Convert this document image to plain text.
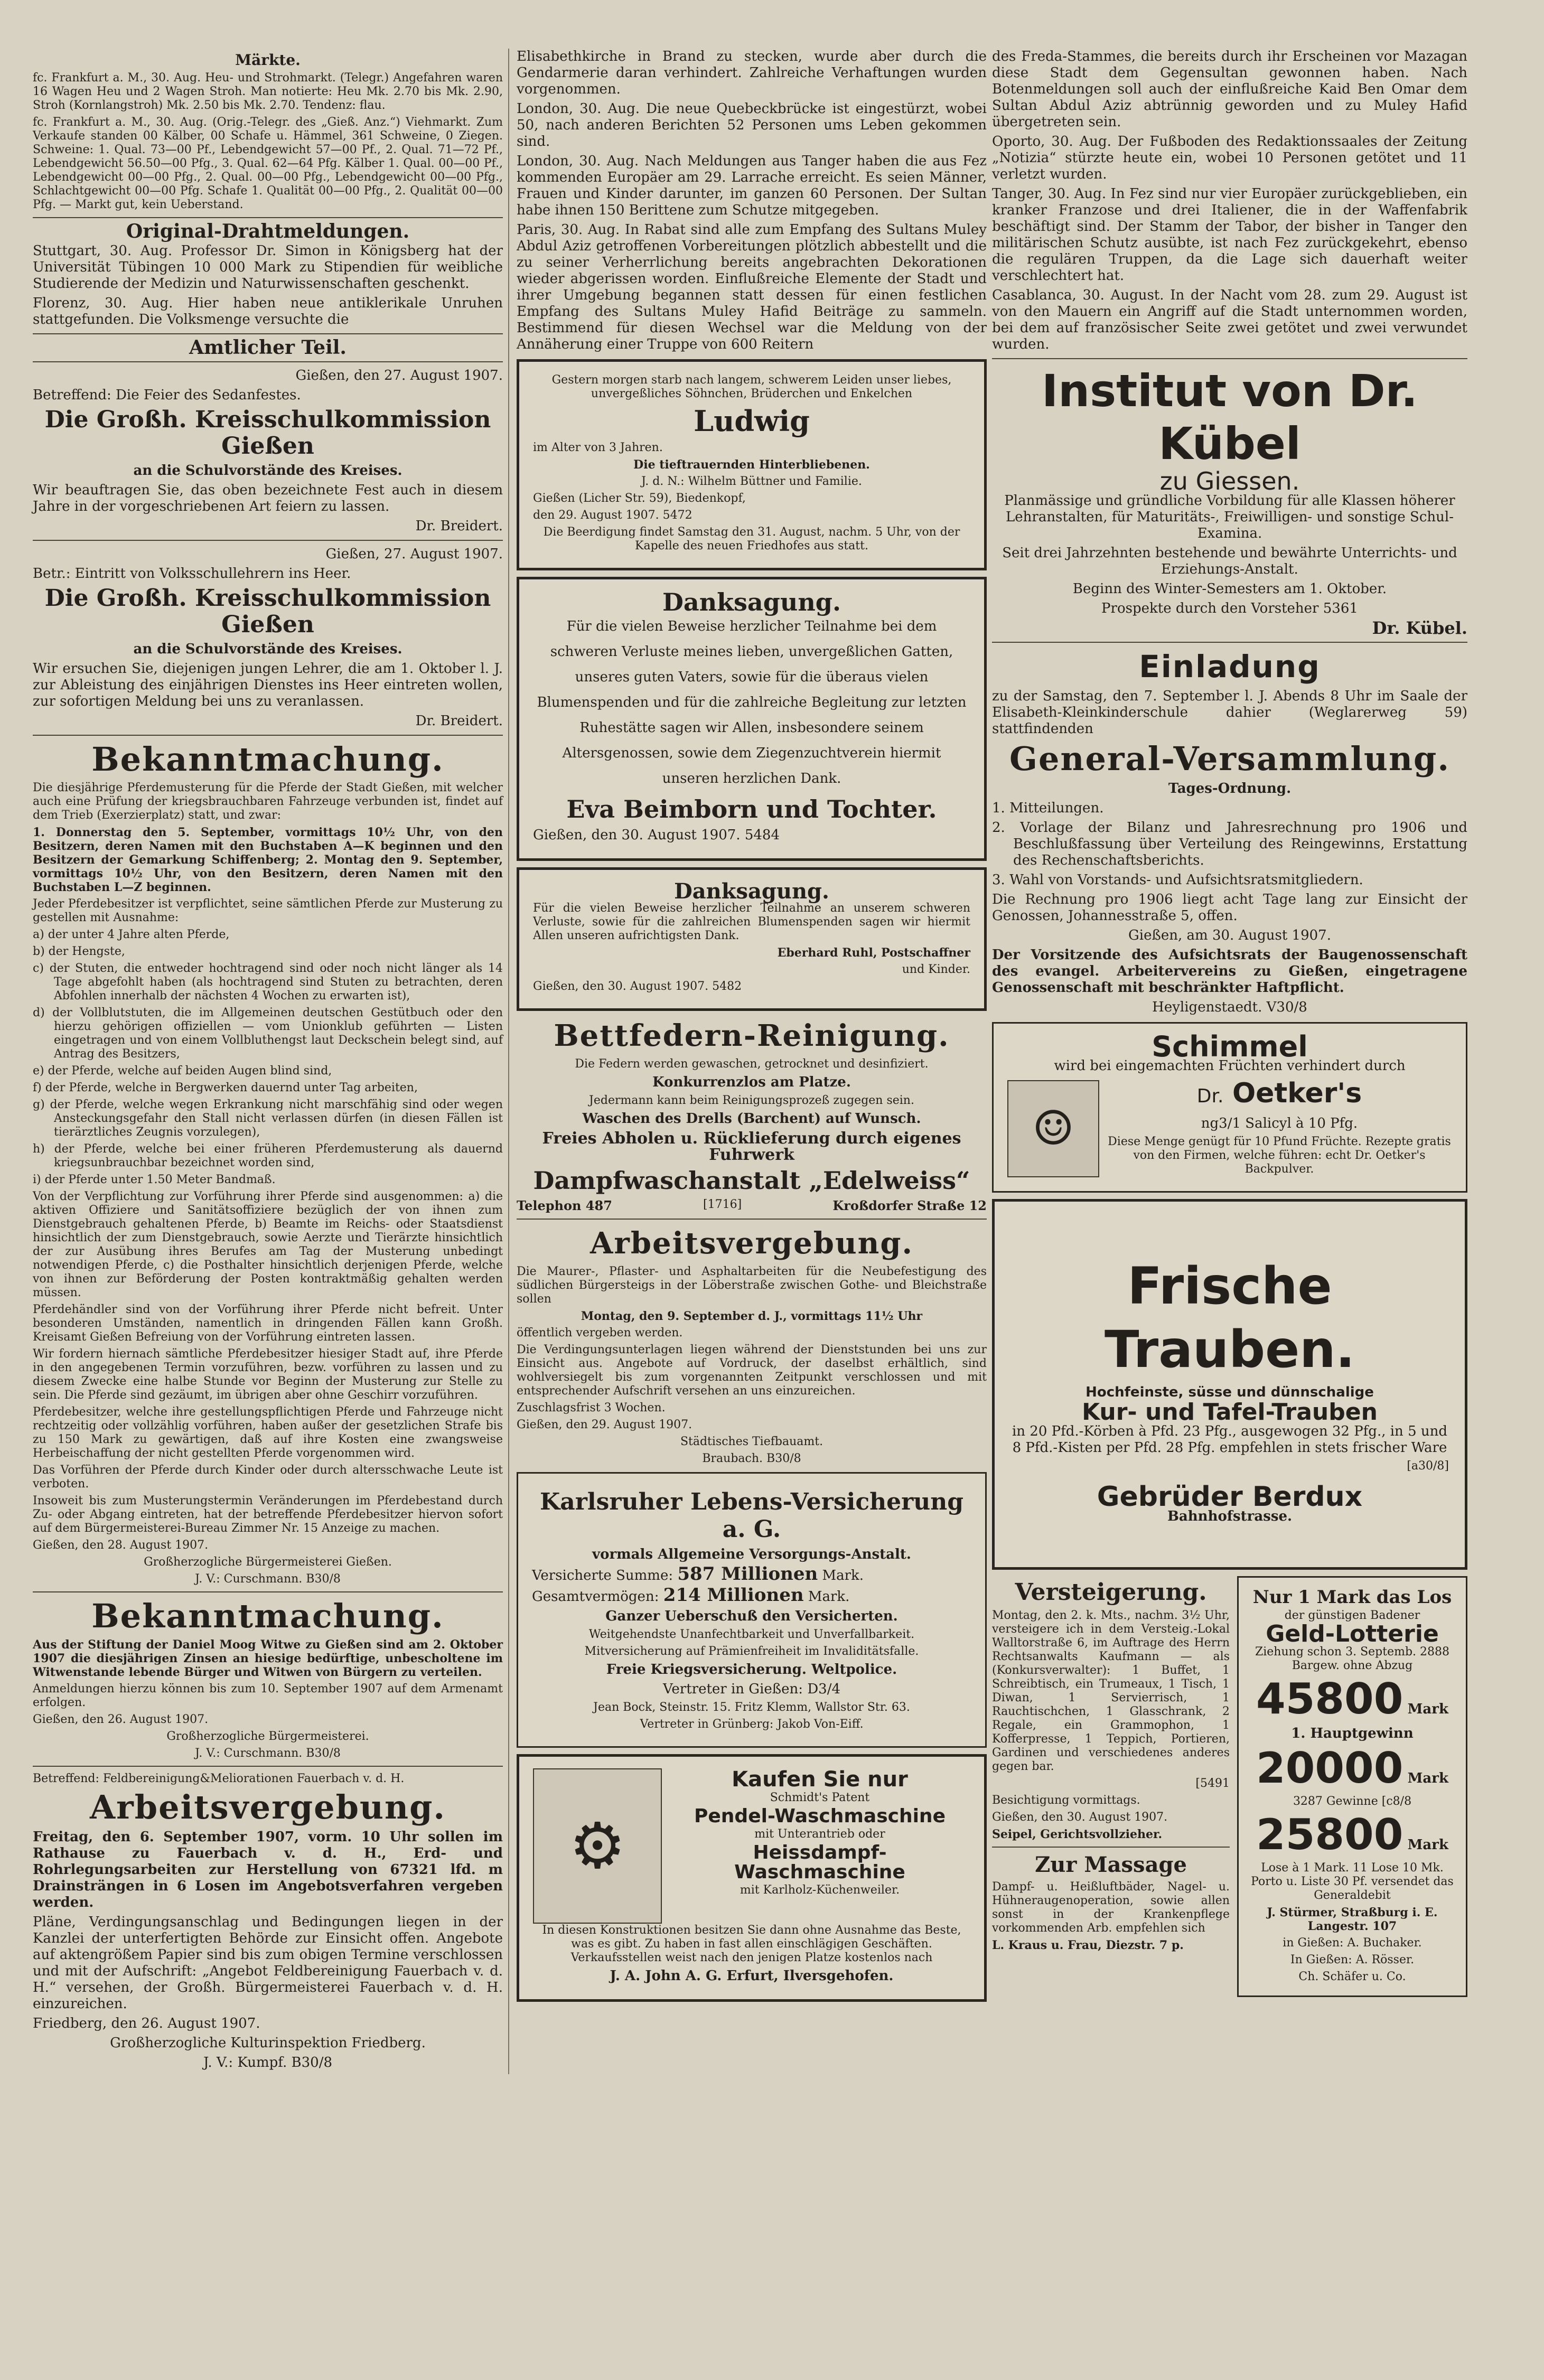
Märkte.

fc. Frankfurt a. M., 30. Aug. Heu- und Strohmarkt. (Telegr.) Angefahren waren 16 Wagen Heu und 2 Wagen Stroh. Man notierte: Heu Mk. 2.70 bis Mk. 2.90, Stroh (Kornlangstroh) Mk. 2.50 bis Mk. 2.70. Tendenz: flau.

fc. Frankfurt a. M., 30. Aug. (Orig.-Telegr. des „Gieß. Anz.“) Viehmarkt. Zum Verkaufe standen 00 Kälber, 00 Schafe u. Hämmel, 361 Schweine, 0 Ziegen. Schweine: 1. Qual. 73—00 Pf., Lebendgewicht 57—00 Pf., 2. Qual. 71—72 Pf., Lebendgewicht 56.50—00 Pfg., 3. Qual. 62—64 Pfg. Kälber 1. Qual. 00—00 Pf., Lebendgewicht 00—00 Pfg., 2. Qual. 00—00 Pfg., Lebendgewicht 00—00 Pfg., Schlachtgewicht 00—00 Pfg. Schafe 1. Qualität 00—00 Pfg., 2. Qualität 00—00 Pfg. — Markt gut, kein Ueberstand.

Original-Drahtmeldungen.

Stuttgart, 30. Aug. Professor Dr. Simon in Königsberg hat der Universität Tübingen 10 000 Mark zu Stipendien für weibliche Studierende der Medizin und Naturwissenschaften geschenkt.

Florenz, 30. Aug. Hier haben neue antiklerikale Unruhen stattgefunden. Die Volksmenge versuchte die

Amtlicher Teil.

Gießen, den 27. August 1907.

Betreffend: Die Feier des Sedanfestes.

Die Großh. Kreisschulkommission Gießen

an die Schulvorstände des Kreises.

Wir beauftragen Sie, das oben bezeichnete Fest auch in diesem Jahre in der vorgeschriebenen Art feiern zu lassen.

Dr. Breidert.

Gießen, 27. August 1907.

Betr.: Eintritt von Volksschullehrern ins Heer.

Die Großh. Kreisschulkommission Gießen

an die Schulvorstände des Kreises.

Wir ersuchen Sie, diejenigen jungen Lehrer, die am 1. Oktober l. J. zur Ableistung des einjährigen Dienstes ins Heer eintreten wollen, zur sofortigen Meldung bei uns zu veranlassen.

Dr. Breidert.

Bekanntmachung.

Die diesjährige Pferdemusterung für die Pferde der Stadt Gießen, mit welcher auch eine Prüfung der kriegsbrauchbaren Fahrzeuge verbunden ist, findet auf dem Trieb (Exerzierplatz) statt, und zwar:

1. Donnerstag den 5. September, vormittags 10½ Uhr, von den Besitzern, deren Namen mit den Buchstaben A—K beginnen und den Besitzern der Gemarkung Schiffenberg; 2. Montag den 9. September, vormittags 10½ Uhr, von den Besitzern, deren Namen mit den Buchstaben L—Z beginnen.

Jeder Pferdebesitzer ist verpflichtet, seine sämtlichen Pferde zur Musterung zu gestellen mit Ausnahme:

a) der unter 4 Jahre alten Pferde,

b) der Hengste,

c) der Stuten, die entweder hochtragend sind oder noch nicht länger als 14 Tage abgefohlt haben (als hochtragend sind Stuten zu betrachten, deren Abfohlen innerhalb der nächsten 4 Wochen zu erwarten ist),

d) der Vollblutstuten, die im Allgemeinen deutschen Gestütbuch oder den hierzu gehörigen offiziellen — vom Unionklub geführten — Listen eingetragen und von einem Vollbluthengst laut Deckschein belegt sind, auf Antrag des Besitzers,

e) der Pferde, welche auf beiden Augen blind sind,

f) der Pferde, welche in Bergwerken dauernd unter Tag arbeiten,

g) der Pferde, welche wegen Erkrankung nicht marschfähig sind oder wegen Ansteckungsgefahr den Stall nicht verlassen dürfen (in diesen Fällen ist tierärztliches Zeugnis vorzulegen),

h) der Pferde, welche bei einer früheren Pferdemusterung als dauernd kriegsunbrauchbar bezeichnet worden sind,

i) der Pferde unter 1.50 Meter Bandmaß.

Von der Verpflichtung zur Vorführung ihrer Pferde sind ausgenommen: a) die aktiven Offiziere und Sanitätsoffiziere bezüglich der von ihnen zum Dienstgebrauch gehaltenen Pferde, b) Beamte im Reichs- oder Staatsdienst hinsichtlich der zum Dienstgebrauch, sowie Aerzte und Tierärzte hinsichtlich der zur Ausübung ihres Berufes am Tag der Musterung unbedingt notwendigen Pferde, c) die Posthalter hinsichtlich derjenigen Pferde, welche von ihnen zur Beförderung der Posten kontraktmäßig gehalten werden müssen.

Pferdehändler sind von der Vorführung ihrer Pferde nicht befreit. Unter besonderen Umständen, namentlich in dringenden Fällen kann Großh. Kreisamt Gießen Befreiung von der Vorführung eintreten lassen.

Wir fordern hiernach sämtliche Pferdebesitzer hiesiger Stadt auf, ihre Pferde in den angegebenen Termin vorzuführen, bezw. vorführen zu lassen und zu diesem Zwecke eine halbe Stunde vor Beginn der Musterung zur Stelle zu sein. Die Pferde sind gezäumt, im übrigen aber ohne Geschirr vorzuführen.

Pferdebesitzer, welche ihre gestellungspflichtigen Pferde und Fahrzeuge nicht rechtzeitig oder vollzählig vorführen, haben außer der gesetzlichen Strafe bis zu 150 Mark zu gewärtigen, daß auf ihre Kosten eine zwangsweise Herbeischaffung der nicht gestellten Pferde vorgenommen wird.

Das Vorführen der Pferde durch Kinder oder durch altersschwache Leute ist verboten.

Insoweit bis zum Musterungstermin Veränderungen im Pferdebestand durch Zu- oder Abgang eintreten, hat der betreffende Pferdebesitzer hiervon sofort auf dem Bürgermeisterei-Bureau Zimmer Nr. 15 Anzeige zu machen.

Gießen, den 28. August 1907.

Großherzogliche Bürgermeisterei Gießen.

J. V.: Curschmann. B30/8

Bekanntmachung.

Aus der Stiftung der Daniel Moog Witwe zu Gießen sind am 2. Oktober 1907 die diesjährigen Zinsen an hiesige bedürftige, unbescholtene im Witwenstande lebende Bürger und Witwen von Bürgern zu verteilen.

Anmeldungen hierzu können bis zum 10. September 1907 auf dem Armenamt erfolgen.

Gießen, den 26. August 1907.

Großherzogliche Bürgermeisterei.

J. V.: Curschmann. B30/8

Betreffend: Feldbereinigung&Meliorationen Fauerbach v. d. H.

Arbeitsvergebung.

Freitag, den 6. September 1907, vorm. 10 Uhr sollen im Rathause zu Fauerbach v. d. H., Erd- und Rohrlegungsarbeiten zur Herstellung von 67321 lfd. m Drainsträngen in 6 Losen im Angebotsverfahren vergeben werden.

Pläne, Verdingungsanschlag und Bedingungen liegen in der Kanzlei der unterfertigten Behörde zur Einsicht offen. Angebote auf aktengrößem Papier sind bis zum obigen Termine verschlossen und mit der Aufschrift: „Angebot Feldbereinigung Fauerbach v. d. H.“ versehen, der Großh. Bürgermeisterei Fauerbach v. d. H. einzureichen.

Friedberg, den 26. August 1907.

Großherzogliche Kulturinspektion Friedberg.

J. V.: Kumpf. B30/8

Elisabethkirche in Brand zu stecken, wurde aber durch die Gendarmerie daran verhindert. Zahlreiche Verhaftungen wurden vorgenommen.

London, 30. Aug. Die neue Quebeckbrücke ist eingestürzt, wobei 50, nach anderen Berichten 52 Personen ums Leben gekommen sind.

London, 30. Aug. Nach Meldungen aus Tanger haben die aus Fez kommenden Europäer am 29. Larrache erreicht. Es seien Männer, Frauen und Kinder darunter, im ganzen 60 Personen. Der Sultan habe ihnen 150 Berittene zum Schutze mitgegeben.

Paris, 30. Aug. In Rabat sind alle zum Empfang des Sultans Muley Abdul Aziz getroffenen Vorbereitungen plötzlich abbestellt und die zu seiner Verherrlichung bereits angebrachten Dekorationen wieder abgerissen worden. Einflußreiche Elemente der Stadt und ihrer Umgebung begannen statt dessen für einen festlichen Empfang des Sultans Muley Hafid Beiträge zu sammeln. Bestimmend für diesen Wechsel war die Meldung von der Annäherung einer Truppe von 600 Reitern

Gestern morgen starb nach langem, schwerem Leiden unser liebes, unvergeßliches Söhnchen, Brüderchen und Enkelchen

Ludwig

im Alter von 3 Jahren.

Die tieftrauernden Hinterbliebenen.

J. d. N.: Wilhelm Büttner und Familie.

Gießen (Licher Str. 59), Biedenkopf,

den 29. August 1907. 5472

Die Beerdigung findet Samstag den 31. August, nachm. 5 Uhr, von der Kapelle des neuen Friedhofes aus statt.

Danksagung.

Für die vielen Beweise herzlicher Teilnahme bei dem schweren Verluste meines lieben, unvergeßlichen Gatten, unseres guten Vaters, sowie für die überaus vielen Blumenspenden und für die zahlreiche Begleitung zur letzten Ruhestätte sagen wir Allen, insbesondere seinem Altersgenossen, sowie dem Ziegenzuchtverein hiermit unseren herzlichen Dank.

Eva Beimborn und Tochter.

Gießen, den 30. August 1907. 5484

Danksagung.

Für die vielen Beweise herzlicher Teilnahme an unserem schweren Verluste, sowie für die zahlreichen Blumenspenden sagen wir hiermit Allen unseren aufrichtigsten Dank.

Eberhard Ruhl, Postschaffner

und Kinder.

Gießen, den 30. August 1907. 5482

Bettfedern-Reinigung.

Die Federn werden gewaschen, getrocknet und desinfiziert.

Konkurrenzlos am Platze.

Jedermann kann beim Reinigungsprozeß zugegen sein.

Waschen des Drells (Barchent) auf Wunsch.

Freies Abholen u. Rücklieferung durch eigenes Fuhrwerk

Dampfwaschanstalt „Edelweiss“

Telephon 487	[1716]	Kroßdorfer Straße 12

Arbeitsvergebung.

Die Maurer-, Pflaster- und Asphaltarbeiten für die Neubefestigung des südlichen Bürgersteigs in der Löberstraße zwischen Gothe- und Bleichstraße sollen

Montag, den 9. September d. J., vormittags 11½ Uhr

öffentlich vergeben werden.

Die Verdingungsunterlagen liegen während der Dienststunden bei uns zur Einsicht aus. Angebote auf Vordruck, der daselbst erhältlich, sind wohlversiegelt bis zum vorgenannten Zeitpunkt verschlossen und mit entsprechender Aufschrift versehen an uns einzureichen.

Zuschlagsfrist 3 Wochen.

Gießen, den 29. August 1907.

Städtisches Tiefbauamt.

Braubach. B30/8

Karlsruher Lebens-Versicherung a. G.

vormals Allgemeine Versorgungs-Anstalt.

Versicherte Summe: 587 Millionen Mark.

Gesamtvermögen: 214 Millionen Mark.

Ganzer Ueberschuß den Versicherten.

Weitgehendste Unanfechtbarkeit und Unverfallbarkeit.

Mitversicherung auf Prämienfreiheit im Invaliditätsfalle.

Freie Kriegsversicherung. Weltpolice.

Vertreter in Gießen: D3/4

Jean Bock, Steinstr. 15. Fritz Klemm, Wallstor Str. 63.

Vertreter in Grünberg: Jakob Von-Eiff.

⚙

Kaufen Sie nur

Schmidt's Patent

Pendel-Waschmaschine

mit Unterantrieb oder

Heissdampf-

Waschmaschine

mit Karlholz-Küchenweiler.

In diesen Konstruktionen besitzen Sie dann ohne Ausnahme das Beste, was es gibt. Zu haben in fast allen einschlägigen Geschäften. Verkaufsstellen weist nach den jenigen Platze kostenlos nach

J. A. John A. G. Erfurt, Ilversgehofen.

des Freda-Stammes, die bereits durch ihr Erscheinen vor Mazagan diese Stadt dem Gegensultan gewonnen haben. Nach Botenmeldungen soll auch der einflußreiche Kaid Ben Omar dem Sultan Abdul Aziz abtrünnig geworden und zu Muley Hafid übergetreten sein.

Oporto, 30. Aug. Der Fußboden des Redaktionssaales der Zeitung „Notizia“ stürzte heute ein, wobei 10 Personen getötet und 11 verletzt wurden.

Tanger, 30. Aug. In Fez sind nur vier Europäer zurückgeblieben, ein kranker Franzose und drei Italiener, die in der Waffenfabrik beschäftigt sind. Der Stamm der Tabor, der bisher in Tanger den militärischen Schutz ausübte, ist nach Fez zurückgekehrt, ebenso die regulären Truppen, da die Lage sich dauerhaft weiter verschlechtert hat.

Casablanca, 30. August. In der Nacht vom 28. zum 29. August ist von den Mauern ein Angriff auf die Stadt unternommen worden, bei dem auf französischer Seite zwei getötet und zwei verwundet wurden.

Institut von Dr. Kübel

zu Giessen.

Planmässige und gründliche Vorbildung für alle Klassen höherer Lehranstalten, für Maturitäts-, Freiwilligen- und sonstige Schul-Examina.

Seit drei Jahrzehnten bestehende und bewährte Unterrichts- und Erziehungs-Anstalt.

Beginn des Winter-Semesters am 1. Oktober.

Prospekte durch den Vorsteher 5361

Dr. Kübel.

Einladung

zu der Samstag, den 7. September l. J. Abends 8 Uhr im Saale der Elisabeth-Kleinkinderschule dahier (Weglarerweg 59) stattfindenden

General-Versammlung.

Tages-Ordnung.

1. Mitteilungen.

2. Vorlage der Bilanz und Jahresrechnung pro 1906 und Beschlußfassung über Verteilung des Reingewinns, Erstattung des Rechenschaftsberichts.

3. Wahl von Vorstands- und Aufsichtsratsmitgliedern.

Die Rechnung pro 1906 liegt acht Tage lang zur Einsicht der Genossen, Johannesstraße 5, offen.

Gießen, am 30. August 1907.

Der Vorsitzende des Aufsichtsrats der Baugenossenschaft des evangel. Arbeitervereins zu Gießen, eingetragene Genossenschaft mit beschränkter Haftpflicht.

Heyligenstaedt. V30/8

Schimmel

wird bei eingemachten Früchten verhindert durch

☺

Dr. Oetker's

ng3/1 Salicyl à 10 Pfg.

Diese Menge genügt für 10 Pfund Früchte. Rezepte gratis von den Firmen, welche führen: echt Dr. Oetker's Backpulver.

Frische Trauben.

Hochfeinste, süsse und dünnschalige

Kur- und Tafel-Trauben

in 20 Pfd.-Körben à Pfd. 23 Pfg., ausgewogen 32 Pfg., in 5 und 8 Pfd.-Kisten per Pfd. 28 Pfg. empfehlen in stets frischer Ware

[a30/8]

Gebrüder Berdux

Bahnhofstrasse.

Versteigerung.

Montag, den 2. k. Mts., nachm. 3½ Uhr, versteigere ich in dem Versteig.-Lokal Walltorstraße 6, im Auftrage des Herrn Rechtsanwalts Kaufmann — als (Konkursverwalter): 1 Buffet, 1 Schreibtisch, ein Trumeaux, 1 Tisch, 1 Diwan, 1 Servierrisch, 1 Rauchtischchen, 1 Glasschrank, 2 Regale, ein Grammophon, 1 Kofferpresse, 1 Teppich, Portieren, Gardinen und verschiedenes anderes gegen bar.

[5491

Besichtigung vormittags.

Gießen, den 30. August 1907.

Seipel, Gerichtsvollzieher.

Zur Massage

Dampf- u. Heißluftbäder, Nagel- u. Hühneraugenoperation, sowie allen sonst in der Krankenpflege vorkommenden Arb. empfehlen sich

L. Kraus u. Frau, Diezstr. 7 p.

Nur 1 Mark das Los

der günstigen Badener

Geld-Lotterie

Ziehung schon 3. Septemb. 2888 Bargew. ohne Abzug

45800 Mark

1. Hauptgewinn

20000 Mark

3287 Gewinne [c8/8

25800 Mark

Lose à 1 Mark. 11 Lose 10 Mk. Porto u. Liste 30 Pf. versendet das Generaldebit

J. Stürmer, Straßburg i. E. Langestr. 107

in Gießen: A. Buchaker.

In Gießen: A. Rösser.

Ch. Schäfer u. Co.
